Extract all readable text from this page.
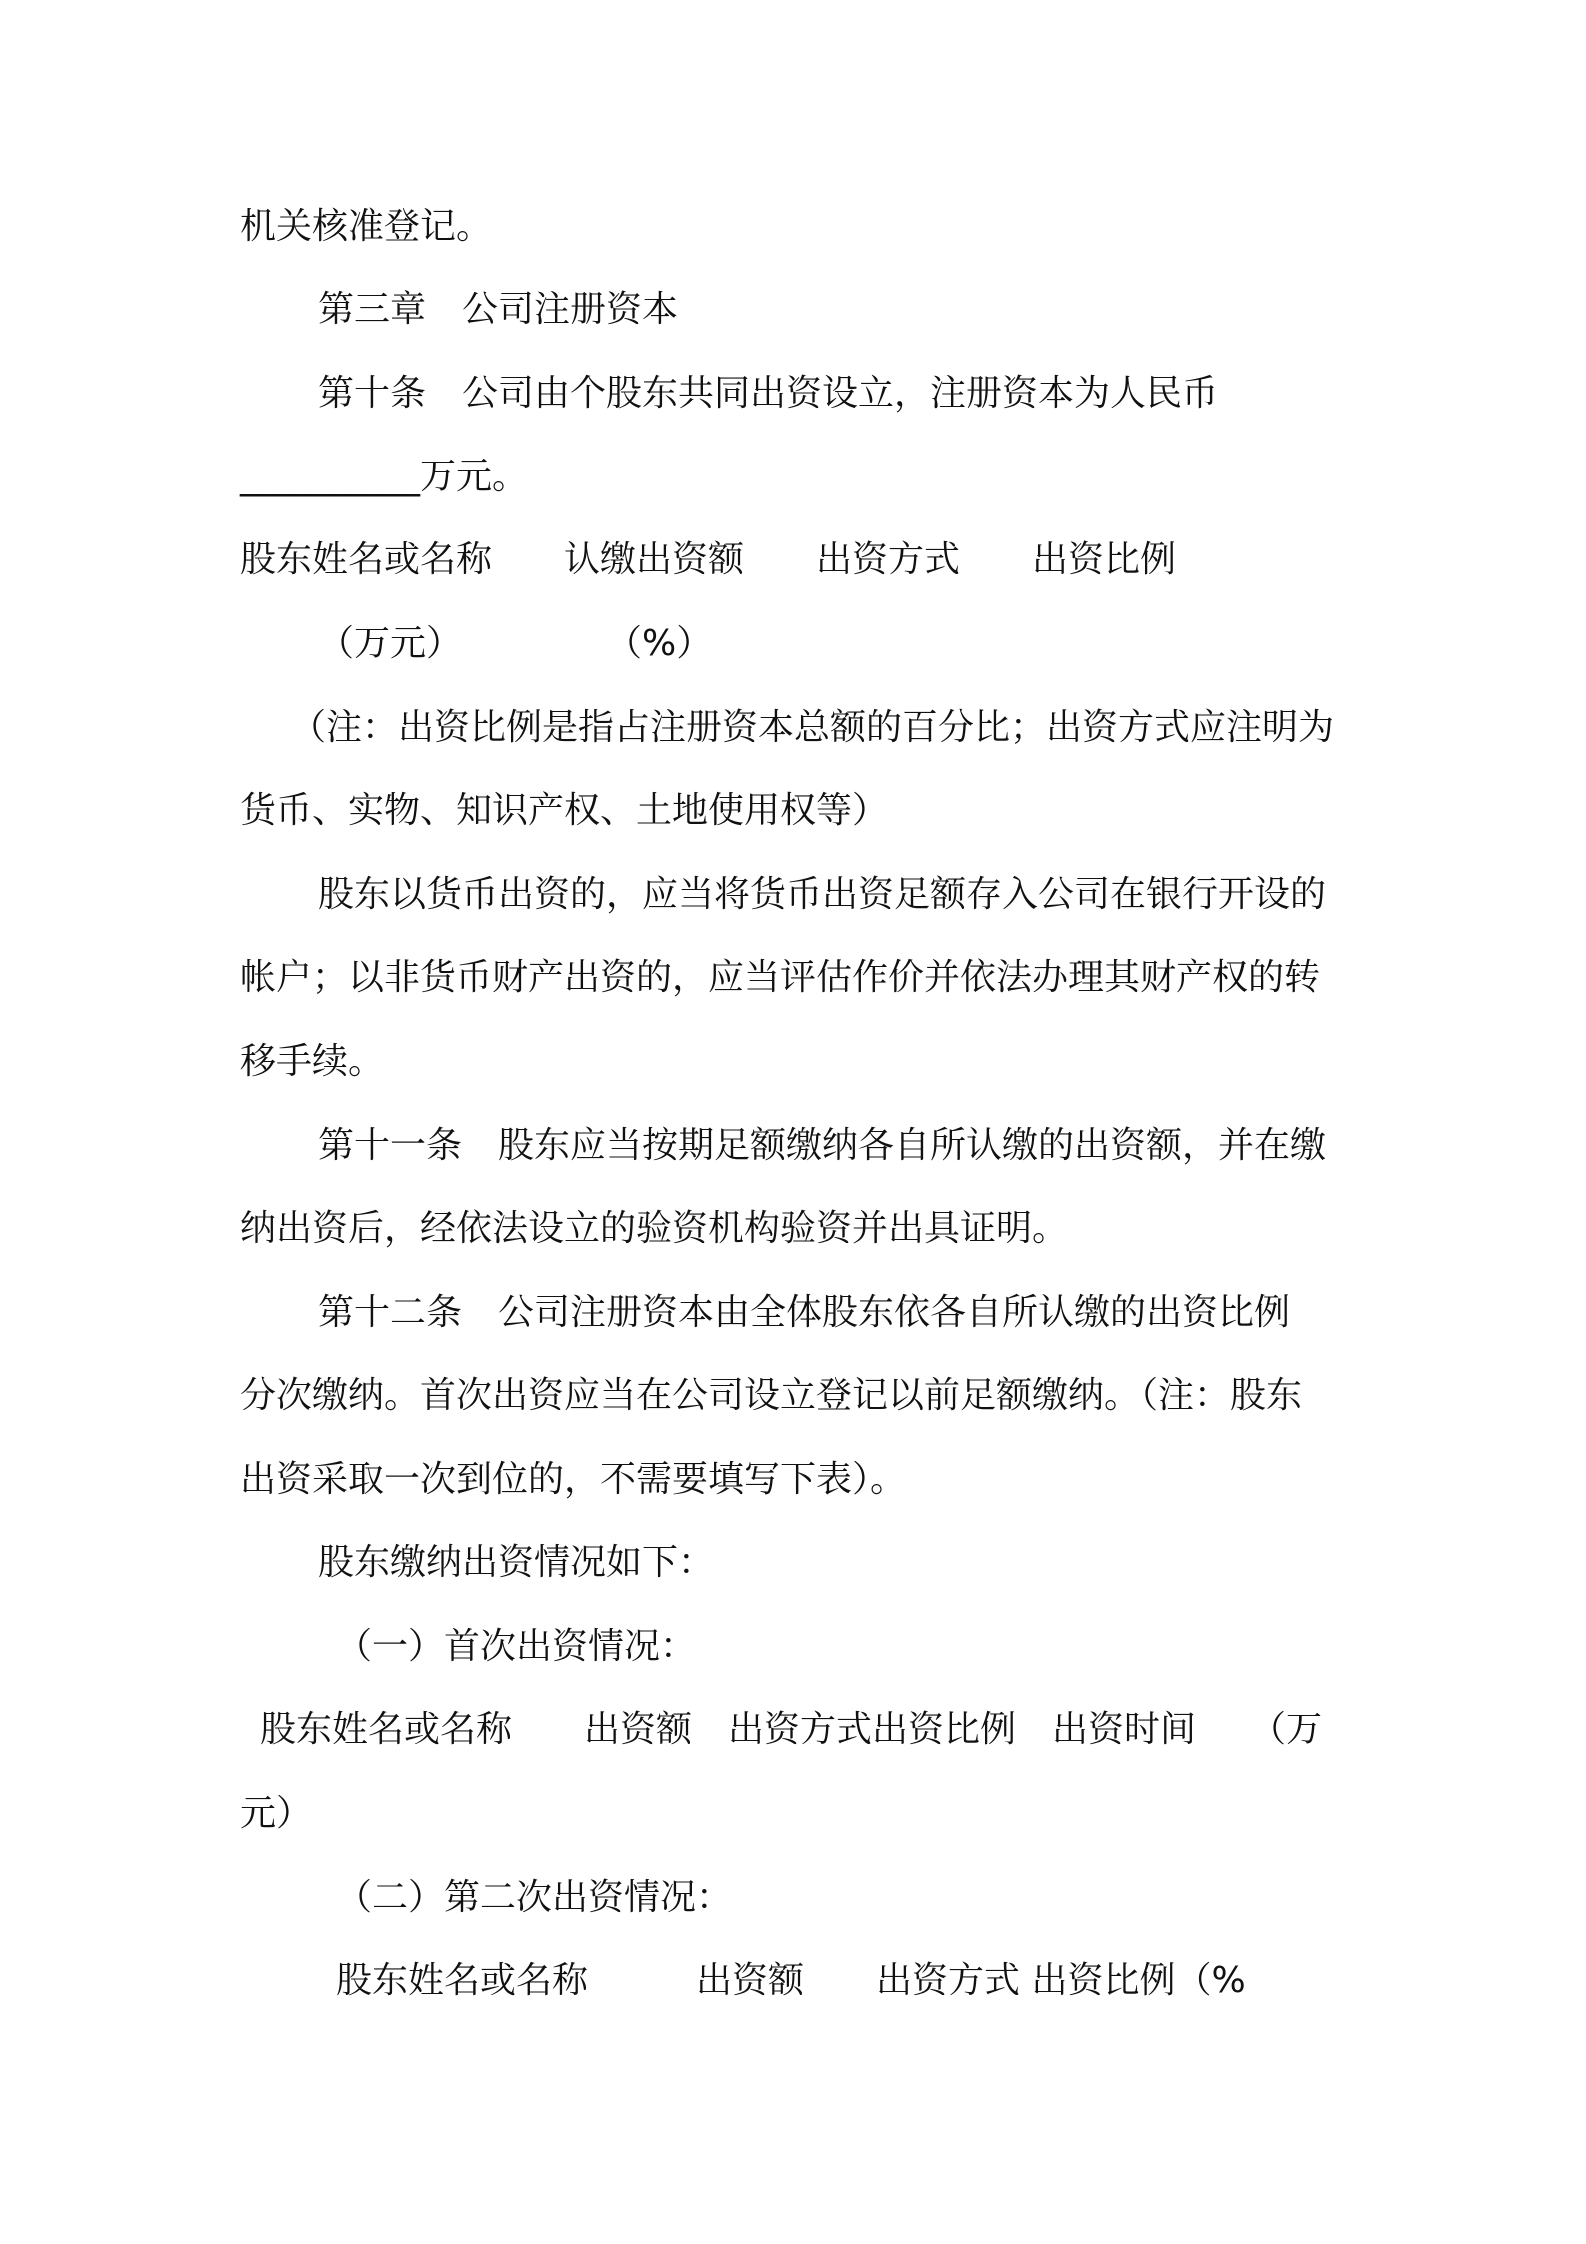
机关核准登记。
第三章　公司注册资本
第十条　公司由个股东共同出资设立，注册资本为人民币
__________万元。
股东姓名或名称　　认缴出资额　　出资方式　　出资比例
（万元）　　　　　（%）
（注：出资比例是指占注册资本总额的百分比；出资方式应注明为
货币、实物、知识产权、土地使用权等）
股东以货币出资的，应当将货币出资足额存入公司在银行开设的
帐户；以非货币财产出资的，应当评估作价并依法办理其财产权的转
移手续。
第十一条　股东应当按期足额缴纳各自所认缴的出资额，并在缴
纳出资后，经依法设立的验资机构验资并出具证明。
第十二条　公司注册资本由全体股东依各自所认缴的出资比例
分次缴纳。首次出资应当在公司设立登记以前足额缴纳。（注：股东
出资采取一次到位的，不需要填写下表）。
股东缴纳出资情况如下：
（一）首次出资情况：
股东姓名或名称　　出资额　出资方式出资比例　出资时间　　（万
元）
（二）第二次出资情况：
股东姓名或名称　　　出资额　　出资方式 出资比例（%
